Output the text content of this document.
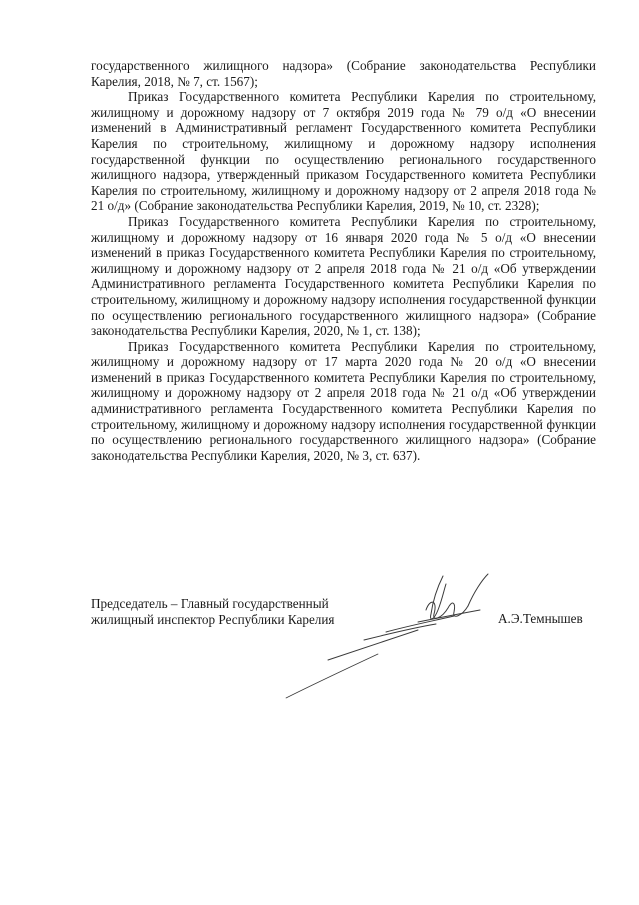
государственного жилищного надзора» (Собрание законодательства Республики Карелия, 2018, № 7, ст. 1567);

Приказ Государственного комитета Республики Карелия по строительному, жилищному и дорожному надзору от 7 октября 2019 года № 79 о/д «О внесении изменений в Административный регламент Государственного комитета Республики Карелия по строительному, жилищному и дорожному надзору исполнения государственной функции по осуществлению регионального государственного жилищного надзора, утвержденный приказом Государственного комитета Республики Карелия по строительному, жилищному и дорожному надзору от 2 апреля 2018 года № 21 о/д» (Собрание законодательства Республики Карелия, 2019, № 10, ст. 2328);

Приказ Государственного комитета Республики Карелия по строительному, жилищному и дорожному надзору от 16 января 2020 года № 5 о/д «О внесении изменений в приказ Государственного комитета Республики Карелия по строительному, жилищному и дорожному надзору от 2 апреля 2018 года № 21 о/д «Об утверждении Административного регламента Государственного комитета Республики Карелия по строительному, жилищному и дорожному надзору исполнения государственной функции по осуществлению регионального государственного жилищного надзора» (Собрание законодательства Республики Карелия, 2020, № 1, ст. 138);

Приказ Государственного комитета Республики Карелия по строительному, жилищному и дорожному надзору от 17 марта 2020 года № 20 о/д «О внесении изменений в приказ Государственного комитета Республики Карелия по строительному, жилищному и дорожному надзору от 2 апреля 2018 года № 21 о/д «Об утверждении административного регламента Государственного комитета Республики Карелия по строительному, жилищному и дорожному надзору исполнения государственной функции по осуществлению регионального государственного жилищного надзора» (Собрание законодательства Республики Карелия, 2020, № 3, ст. 637).

Председатель – Главный государственный
жилищный инспектор Республики Карелия	А.Э.Темнышев
